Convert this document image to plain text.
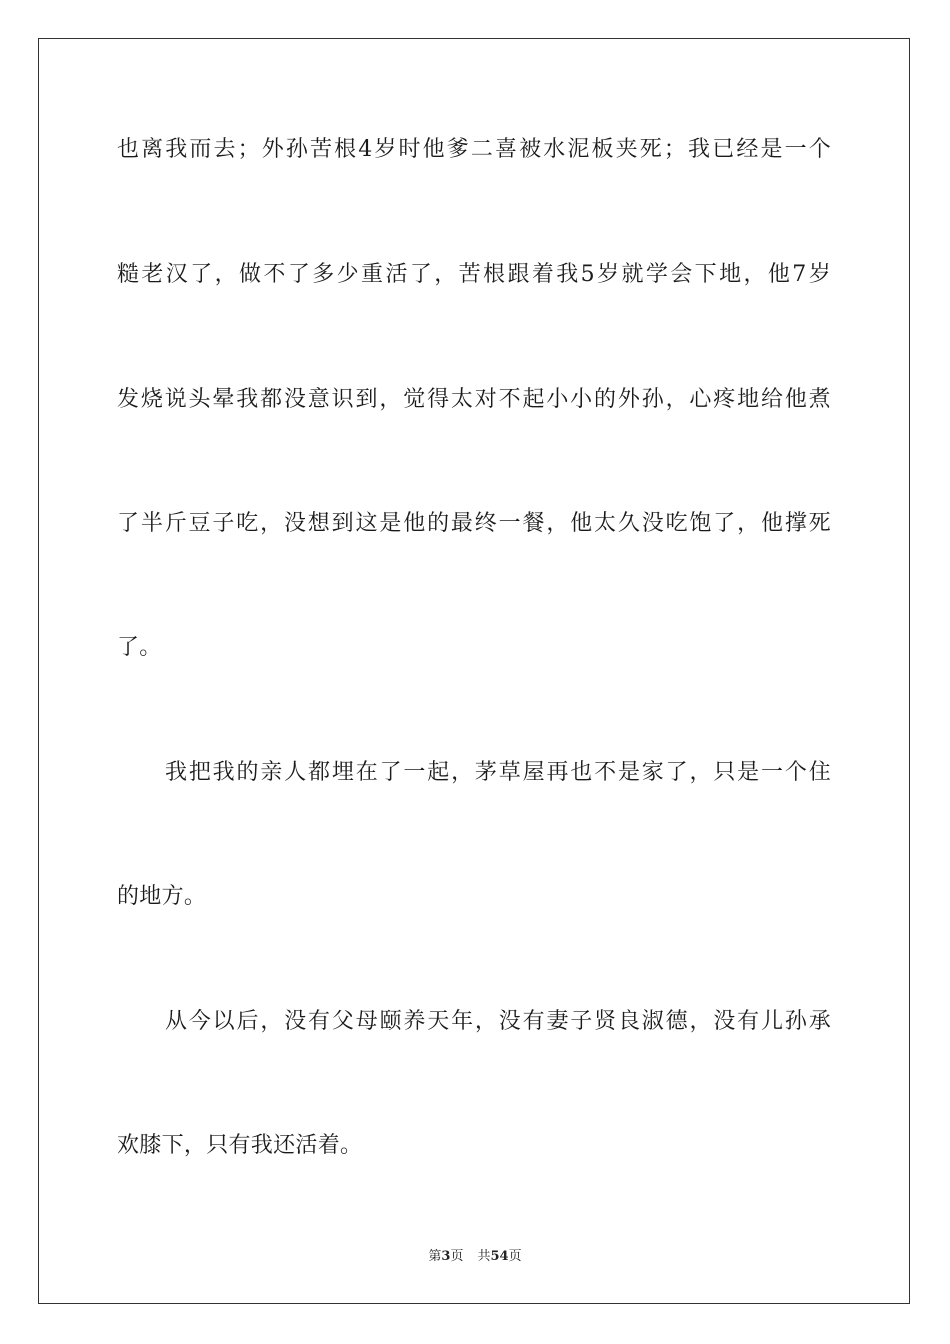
也离我而去；外孙苦根4岁时他爹二喜被水泥板夹死；我已经是一个
糙老汉了，做不了多少重活了，苦根跟着我5岁就学会下地，他7岁
发烧说头晕我都没意识到，觉得太对不起小小的外孙，心疼地给他煮
了半斤豆子吃，没想到这是他的最终一餐，他太久没吃饱了，他撑死
了。
我把我的亲人都埋在了一起，茅草屋再也不是家了，只是一个住
的地方。
从今以后，没有父母颐养天年，没有妻子贤良淑德，没有儿孙承
欢膝下，只有我还活着。
第3页 共54页
